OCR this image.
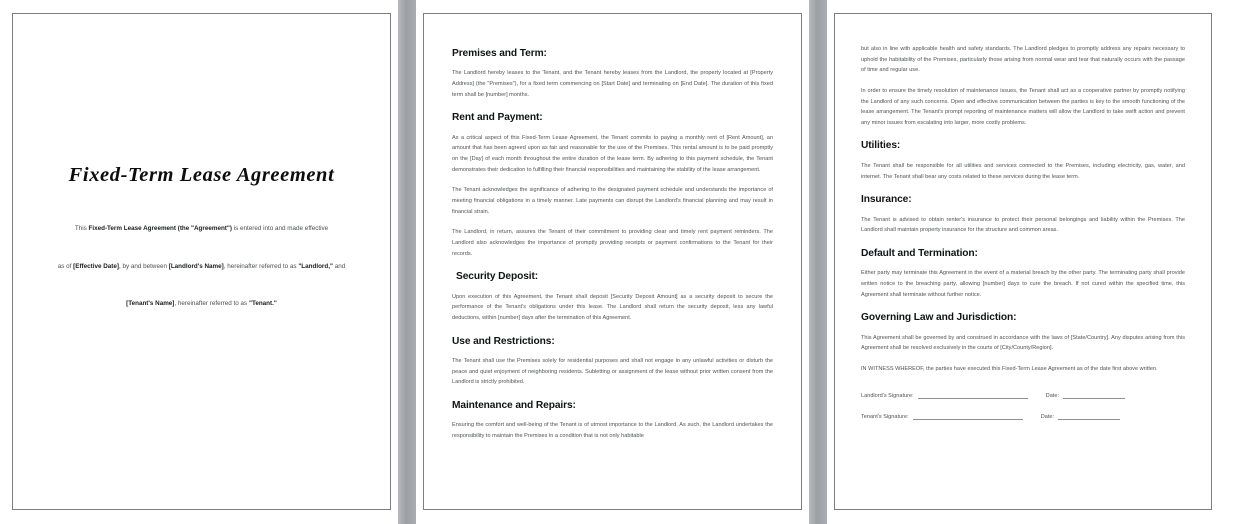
Fixed-Term Lease Agreement
This Fixed-Term Lease Agreement (the "Agreement") is entered into and made effective
as of [Effective Date], by and between [Landlord's Name], hereinafter referred to as "Landlord," and
[Tenant's Name], hereinafter referred to as "Tenant."
Premises and Term:

The Landlord hereby leases to the Tenant, and the Tenant hereby leases from the Landlord, the property located at [Property Address] (the "Premises"), for a fixed term commencing on [Start Date] and terminating on [End Date]. The duration of this fixed term shall be [number] months.

Rent and Payment:

As a critical aspect of this Fixed-Term Lease Agreement, the Tenant commits to paying a monthly rent of [Rent Amount], an amount that has been agreed upon as fair and reasonable for the use of the Premises. This rental amount is to be paid promptly on the [Day] of each month throughout the entire duration of the lease term. By adhering to this payment schedule, the Tenant demonstrates their dedication to fulfilling their financial responsibilities and maintaining the stability of the lease arrangement.

The Tenant acknowledges the significance of adhering to the designated payment schedule and understands the importance of meeting financial obligations in a timely manner. Late payments can disrupt the Landlord's financial planning and may result in financial strain.

The Landlord, in return, assures the Tenant of their commitment to providing clear and timely rent payment reminders. The Landlord also acknowledges the importance of promptly providing receipts or payment confirmations to the Tenant for their records.

Security Deposit:

Upon execution of this Agreement, the Tenant shall deposit [Security Deposit Amount] as a security deposit to secure the performance of the Tenant's obligations under this lease. The Landlord shall return the security deposit, less any lawful deductions, within [number] days after the termination of this Agreement.

Use and Restrictions:

The Tenant shall use the Premises solely for residential purposes and shall not engage in any unlawful activities or disturb the peace and quiet enjoyment of neighboring residents. Subletting or assignment of the lease without prior written consent from the Landlord is strictly prohibited.

Maintenance and Repairs:

Ensuring the comfort and well-being of the Tenant is of utmost importance to the Landlord. As such, the Landlord undertakes the responsibility to maintain the Premises in a condition that is not only habitable

but also in line with applicable health and safety standards. The Landlord pledges to promptly address any repairs necessary to uphold the habitability of the Premises, particularly those arising from normal wear and tear that naturally occurs with the passage of time and regular use.

In order to ensure the timely resolution of maintenance issues, the Tenant shall act as a cooperative partner by promptly notifying the Landlord of any such concerns. Open and effective communication between the parties is key to the smooth functioning of the lease arrangement. The Tenant's prompt reporting of maintenance matters will allow the Landlord to take swift action and prevent any minor issues from escalating into larger, more costly problems.

Utilities:

The Tenant shall be responsible for all utilities and services connected to the Premises, including electricity, gas, water, and internet. The Tenant shall bear any costs related to these services during the lease term.

Insurance:

The Tenant is advised to obtain renter's insurance to protect their personal belongings and liability within the Premises. The Landlord shall maintain property insurance for the structure and common areas.

Default and Termination:

Either party may terminate this Agreement in the event of a material breach by the other party. The terminating party shall provide written notice to the breaching party, allowing [number] days to cure the breach. If not cured within the specified time, this Agreement shall terminate without further notice.

Governing Law and Jurisdiction:

This Agreement shall be governed by and construed in accordance with the laws of [State/Country]. Any disputes arising from this Agreement shall be resolved exclusively in the courts of [City/County/Region].

IN WITNESS WHEREOF, the parties have executed this Fixed-Term Lease Agreement as of the date first above written.

Landlord's Signature:	Date:
Tenant's Signature:	Date:
